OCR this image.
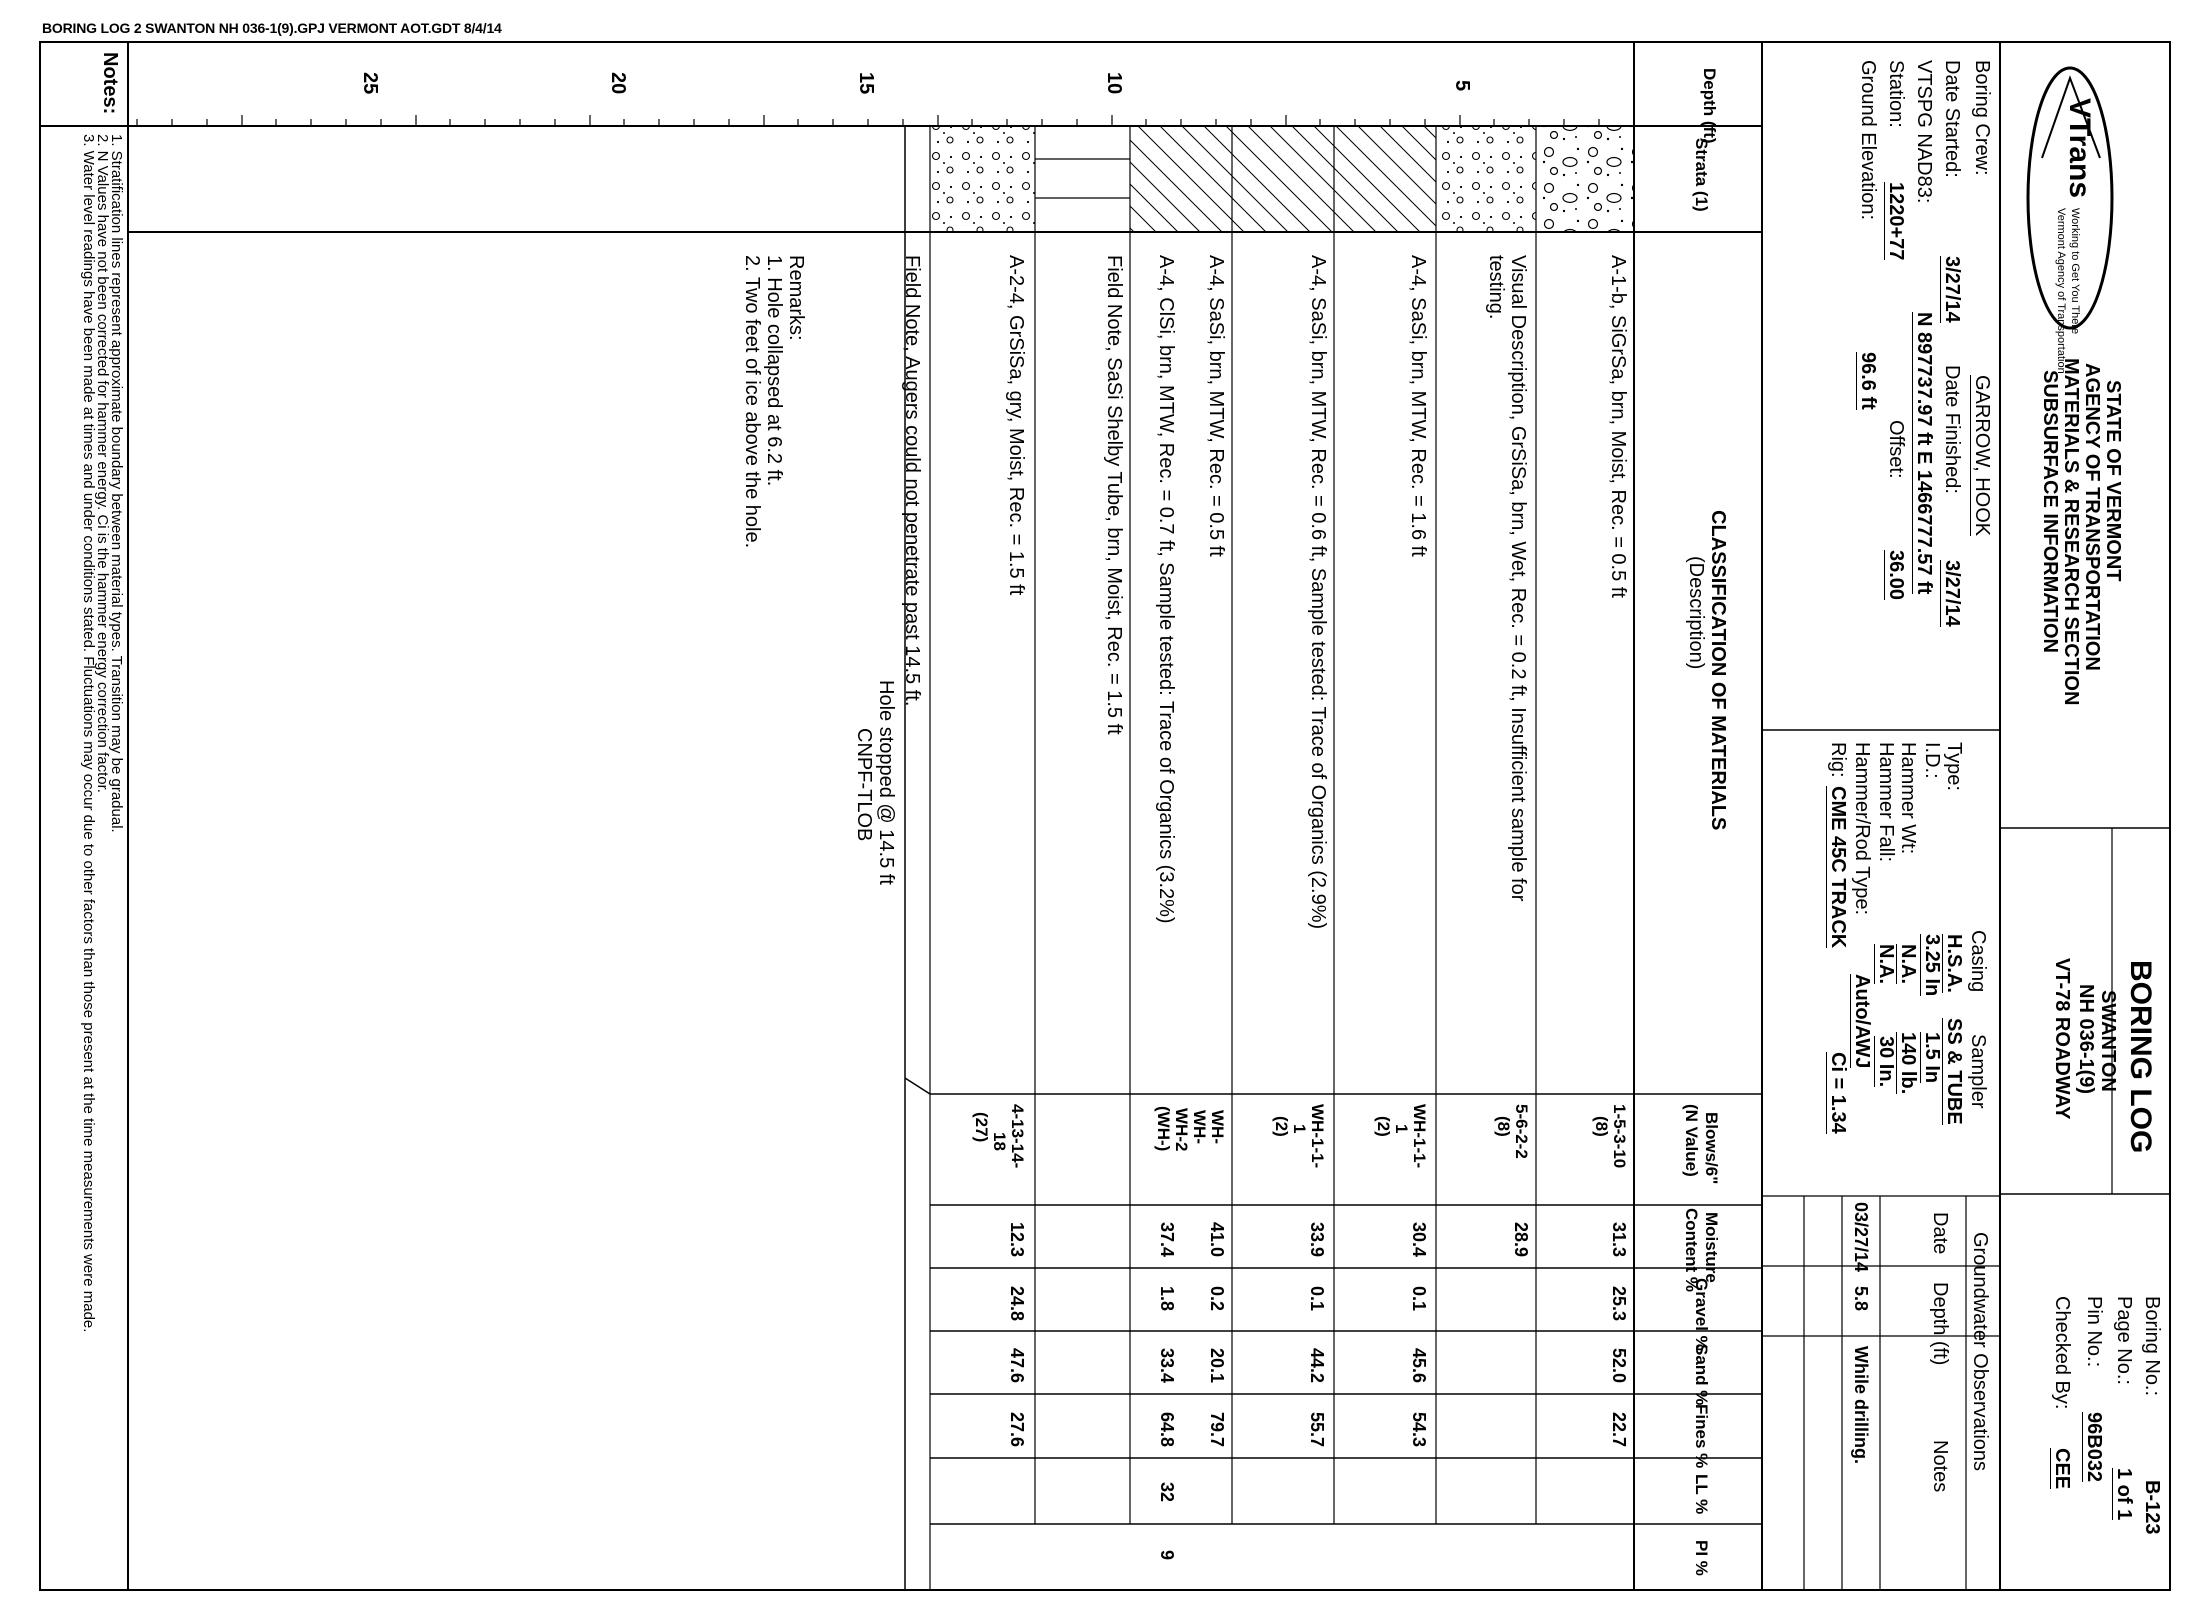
BORING LOG 2 SWANTON NH 036-1(9).GPJ VERMONT AOT.GDT 8/4/14
VTrans
Working to Get You There
Vermont Agency of Transportation
STATE OF VERMONT
AGENCY OF TRANSPORTATION
MATERIALS & RESEARCH SECTION
SUBSURFACE INFORMATION
BORING LOG
SWANTON
NH 036-1(9)
VT-78 ROADWAY
Boring No.:
B-123
Page No.:
1 of 1
Pin No.:
96B032
Checked By:
CEE
Boring Crew:
GARROW, HOOK
Date Started:
3/27/14
Date Finished:
3/27/14
VTSPG NAD83:
N 897737.97 ft E 1466777.57 ft
Station:
1220+77
Offset:
36.00
Ground Elevation:
96.6 ft
Casing
Sampler
Type:
H.S.A.
SS & TUBE
I.D.:
3.25 In
1.5 In
Hammer Wt:
N.A.
140 lb.
Hammer Fall:
N.A.
30 In.
Hammer/Rod Type:
Auto/AWJ
Rig:
CME 45C TRACK
Ci = 1.34
Groundwater Observations
Date
Depth (ft)
Notes
03/27/14
5.8
While drilling.
Depth (ft)
Strata (1)
CLASSIFICATION OF MATERIALS
(Description)
Blows/6"
(N Value)
Moisture
Content %
Gravel %
Sand %
Fines %
LL %
PI %
5
10
15
20
25
A-1-b, SiGrSa, brn, Moist, Rec. = 0.5 ft
Visual Description, GrSiSa, brn, Wet, Rec. = 0.2 ft, Insufficient sample for
testing.
A-4, SaSi, brn, MTW, Rec. = 1.6 ft
A-4, SaSi, brn, MTW, Rec. = 0.6 ft, Sample tested: Trace of Organics (2.9%)
A-4, SaSi, brn, MTW, Rec. = 0.5 ft
A-4, ClSi, brn, MTW, Rec. = 0.7 ft, Sample tested: Trace of Organics (3.2%)
Field Note, SaSi Shelby Tube, brn, Moist, Rec. = 1.5 ft
A-2-4, GrSiSa, gry, Moist, Rec. = 1.5 ft
Field Note, Augers could not penetrate past 14.5 ft.
Hole stopped @ 14.5 ft
CNPF-TLOB
Remarks:
1. Hole collapsed at 6.2 ft.
2. Two feet of ice above the hole.
1-5-3-10
(8)
5-6-2-2
(8)
WH-1-1-
1
(2)
WH-1-1-
1
(2)
WH-
WH-
WH-2
(WH-)
4-13-14-
18
(27)
31.3
28.9
30.4
33.9
41.0
37.4
12.3
25.3
0.1
0.1
0.2
1.8
24.8
52.0
45.6
44.2
20.1
33.4
47.6
22.7
54.3
55.7
79.7
64.8
27.6
32
9
Notes:
1. Stratification lines represent approximate boundary between material types. Transition may be gradual.
2. N Values have not been corrected for hammer energy. Ci is the hammer energy correction factor.
3. Water level readings have been made at times and under conditions stated. Fluctuations may occur due to other factors than those present at the time measurements were made.
